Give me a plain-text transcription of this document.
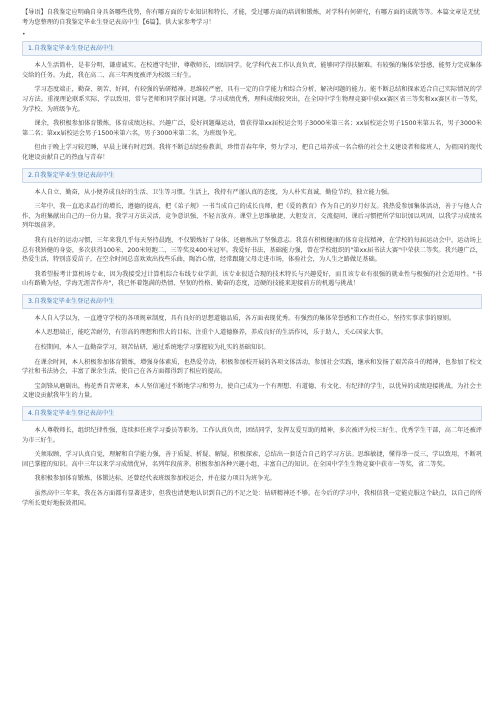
【导语】自我鉴定应明确自身具备哪些优势，你有哪方面的专业知识和特长、才能，受过哪方面的培训和锻炼，对学科有何研究，有哪方面的成就等等。本篇文章是无忧考为您整理的自我鉴定毕业生登记表高中生【6篇】，供大家参考学习！

•
1.自我鉴定毕业生登记表高中生

本人生活简朴，是非分明，谦虚诚实。在校遵守纪律，尊敬师长，团结同学。化学科代表工作认真负责，能够同学得扶解难。有较强的集体荣誉感，能努力完成集体交给的任务。为此，我在高二、高三年两度被评为校级三好生。

学习态度端正，勤奋、刻苦、好问，有较强的钻研精神。思维较严密，具有一定的自学能力和综合分析、解决问题的能力。能不断总结和探索适合自己实际情况的学习方法。重视理论联系实际，学以致用，常与老师和同学探讨问题。学习成绩优秀，理科成绩较突出，在全国中学生物理竞赛中获xx赛区省三等奖和xx赛区市一等奖，为学校、为班级争光。

课余，我积极参加体育锻炼，体育成绩达标。兴趣广泛，爱好问题爆运动，曾获得第xx届校运会男子3000米第三名；xx届校运会男子1500米第五名，男子3000米第二名；第xx届校运会男子1500米第六名，男子3000米第二名，为班级争光。

但由于晚上学习较迟睡，早晨上课有时迟到。我将不断总结经验教训，珍惜青春年华，努力学习，把自己培养成一名合格的社会主义建设者和接班人，为祖国的现代化建设贡献自己的热血与青春！

2.自我鉴定毕业生登记表高中生

本人自立、勤奋，从小便养成良好的生活、卫生等习惯。生活上，我持有严谨认真的态度，为人朴实真诚，勤俭节约，独立能力强。

三年中，我一直追求品行的增长，遵德的提高，把《弟子规》一书当成自己的成长良师，把《爱的教育》作为自己的岁月好友。我热爱参加集体活动，善于与他人合作，为班集献出自己的一份力量。我学习方法灵活，竞争意识强，不轻言放弃。课堂上思维敏捷，大胆发言，交流提问，课后习惯把所学知识加以巩固，以我学习成绩名列年级前茅。

我有良好的运动习惯，三年来我几乎每天坚持晨跑，不仅锻炼好了身体，还磨炼出了坚强意志。我喜有积极健康的体育竞技精神，在学校的每届运动会中，运动场上总有我矫健的身姿，多次获得100米，200米短跑二、三等奖及400米冠军。我爱好书法，基础能力强，曾在学校组织的"第xx届书法大赛"中荣获二等奖。我兴趣广泛，热爱生活，特别喜爱苗子，在空余时间总喜欢欢出找些乐曲，陶冶心情，经常跟随父母走进市场，体验社会，为人生之路做足基础。

我希望报考计算机场专业，因为我接受过计算机综合布线专业学训，该专业很适合现的技术特长与兴趣爱好，而且该专业有很强的就业性与极强的社会适用性。"书山有路勤为径，学海无涯苦作舟"，我已怀着饱满的热情、坚韧的性格、勤奋的态度，迈硬的技能来迎接前方的机遇与挑战！

3.自我鉴定毕业生登记表高中生

本人自入学以为，一直遵守学校的各项规章制度，具有良好的思想道德品质，各方面表现优秀。有强烈的集体荣誉感和工作责任心，坚持实事求事的原则。

本人思想端正，能吃苦耐劳，有崇高的理想和伟大的目标，注重个人道德修养，养成良好的生活作风，乐于助人，关心国家大事。

在校期间，本人一直勤奋学习，刻苦钻研，通过系统地学习掌握较为扎实的基础知识。

在课余时间，本人积极参加体育锻炼，增强身体素质，也热爱劳动，积极参加校开展的各项文体活动，参加社会实践，继承和发扬了艰苦奋斗的精神，也参加了校文学社和书法协会，丰富了课余生活，使自己在各方面都得到了相应的提高。

宝剑锋从磨砺出，梅花香自苦寒来，本人坚信通过不断地学习和努力，使自己成为一个有理想、有道德、有文化、有纪律的学生，以优异的成绩迎接挑战，为社会主义建设贡献我毕生的力量。

4.自我鉴定毕业生登记表高中生

本人尊敬师长，组织纪律性强，连续担任班学习委员等职务。工作认真负责，团结同学，发挥友爱互助的精神，多次被评为校三好生、优秀学生干部，高二年还被评为市三好生。

关须取顾，学习认真自觉，理解和自学能力强，善于质疑、析疑、解疑，积极探索，总结出一套适合自己的学习方法。思维敏捷，懂得举一反三，学以致用，不断巩固已掌握的知识。高中三年以来学习成绩优异，名列年段前茅。积极参加各种兴趣小组，丰富自己的知识。在全国中学生生物竞赛中获市一等奖，省二等奖。

我积极参加体育锻炼，体锻达标，还曾经代表班级参加校运会，并在接力项目为班争光。

虽然高中三年来，我在各方面都有显著进步，但我也清楚地认识到自己的不足之处：钻研精神还不够。在今后的学习中，我相信我一定能克服这个缺点，以自己的所学所长更好地报效祖国。
